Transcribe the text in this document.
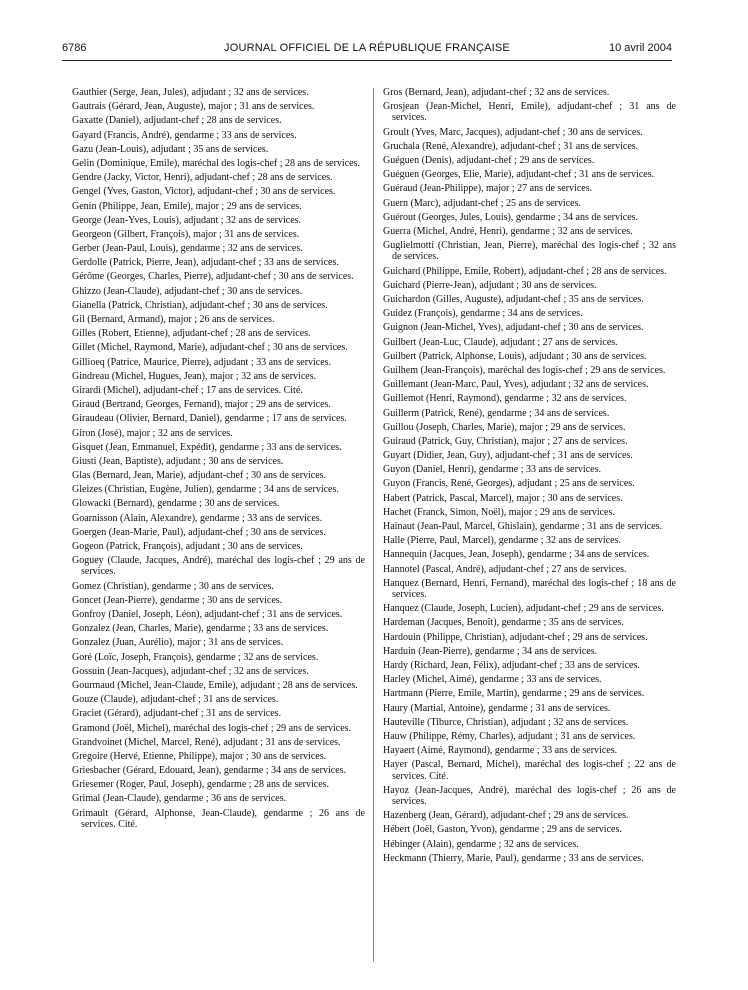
6786	JOURNAL OFFICIEL DE LA RÉPUBLIQUE FRANÇAISE	10 avril 2004

Gauthier (Serge, Jean, Jules), adjudant ; 32 ans de services.

Gautrais (Gérard, Jean, Auguste), major ; 31 ans de services.

Gaxatte (Daniel), adjudant-chef ; 28 ans de services.

Gayard (Francis, André), gendarme ; 33 ans de services.

Gazu (Jean-Louis), adjudant ; 35 ans de services.

Gelin (Dominique, Emile), maréchal des logis-chef ; 28 ans de services.

Gendre (Jacky, Victor, Henri), adjudant-chef ; 28 ans de services.

Gengel (Yves, Gaston, Victor), adjudant-chef ; 30 ans de services.

Genin (Philippe, Jean, Emile), major ; 29 ans de services.

George (Jean-Yves, Louis), adjudant ; 32 ans de services.

Georgeon (Gilbert, François), major ; 31 ans de services.

Gerber (Jean-Paul, Louis), gendarme ; 32 ans de services.

Gerdolle (Patrick, Pierre, Jean), adjudant-chef ; 33 ans de services.

Gérôme (Georges, Charles, Pierre), adjudant-chef ; 30 ans de services.

Ghizzo (Jean-Claude), adjudant-chef ; 30 ans de services.

Gianella (Patrick, Christian), adjudant-chef ; 30 ans de services.

Gil (Bernard, Armand), major ; 26 ans de services.

Gilles (Robert, Etienne), adjudant-chef ; 28 ans de services.

Gillet (Michel, Raymond, Marie), adjudant-chef ; 30 ans de services.

Gillioeq (Patrice, Maurice, Pierre), adjudant ; 33 ans de services.

Gindreau (Michel, Hugues, Jean), major ; 32 ans de services.

Girardi (Michel), adjudant-chef ; 17 ans de services. Cité.

Giraud (Bertrand, Georges, Fernand), major ; 29 ans de services.

Giraudeau (Olivier, Bernard, Daniel), gendarme ; 17 ans de services.

Giron (José), major ; 32 ans de services.

Gisquet (Jean, Emmanuel, Expédit), gendarme ; 33 ans de services.

Giusti (Jean, Baptiste), adjudant ; 30 ans de services.

Glas (Bernard, Jean, Marie), adjudant-chef ; 30 ans de services.

Gleizes (Christian, Eugène, Julien), gendarme ; 34 ans de services.

Glowacki (Bernard), gendarme ; 30 ans de services.

Goarnisson (Alain, Alexandre), gendarme ; 33 ans de services.

Goergen (Jean-Marie, Paul), adjudant-chef ; 30 ans de services.

Gogeon (Patrick, François), adjudant ; 30 ans de services.

Goguey (Claude, Jacques, André), maréchal des logis-chef ; 29 ans de services.

Gomez (Christian), gendarme ; 30 ans de services.

Goncet (Jean-Pierre), gendarme ; 30 ans de services.

Gonfroy (Daniel, Joseph, Léon), adjudant-chef ; 31 ans de services.

Gonzalez (Jean, Charles, Marie), gendarme ; 33 ans de services.

Gonzalez (Juan, Aurélio), major ; 31 ans de services.

Goré (Loïc, Joseph, François), gendarme ; 32 ans de services.

Gossuin (Jean-Jacques), adjudant-chef ; 32 ans de services.

Gourmaud (Michel, Jean-Claude, Emile), adjudant ; 28 ans de services.

Gouze (Claude), adjudant-chef ; 31 ans de services.

Graciet (Gérard), adjudant-chef ; 31 ans de services.

Gramond (Joël, Michel), maréchal des logis-chef ; 29 ans de services.

Grandvoinet (Michel, Marcel, René), adjudant ; 31 ans de services.

Gregoire (Hervé, Etienne, Philippe), major ; 30 ans de services.

Griesbacher (Gérard, Edouard, Jean), gendarme ; 34 ans de services.

Griesemer (Roger, Paul, Joseph), gendarme ; 28 ans de services.

Grimal (Jean-Claude), gendarme ; 36 ans de services.

Grimault (Gérard, Alphonse, Jean-Claude), gendarme ; 26 ans de services. Cité.

Gros (Bernard, Jean), adjudant-chef ; 32 ans de services.

Grosjean (Jean-Michel, Henri, Emile), adjudant-chef ; 31 ans de services.

Groult (Yves, Marc, Jacques), adjudant-chef ; 30 ans de services.

Gruchala (René, Alexandre), adjudant-chef ; 31 ans de services.

Guéguen (Denis), adjudant-chef ; 29 ans de services.

Guéguen (Georges, Elie, Marie), adjudant-chef ; 31 ans de services.

Guéraud (Jean-Philippe), major ; 27 ans de services.

Guern (Marc), adjudant-chef ; 25 ans de services.

Guérout (Georges, Jules, Louis), gendarme ; 34 ans de services.

Guerra (Michel, André, Henri), gendarme ; 32 ans de services.

Guglielmotti (Christian, Jean, Pierre), maréchal des logis-chef ; 32 ans de services.

Guichard (Philippe, Emile, Robert), adjudant-chef ; 28 ans de services.

Guichard (Pierre-Jean), adjudant ; 30 ans de services.

Guichardon (Gilles, Auguste), adjudant-chef ; 35 ans de services.

Guidez (François), gendarme ; 34 ans de services.

Guignon (Jean-Michel, Yves), adjudant-chef ; 30 ans de services.

Guilbert (Jean-Luc, Claude), adjudant ; 27 ans de services.

Guilbert (Patrick, Alphonse, Louis), adjudant ; 30 ans de services.

Guilhem (Jean-François), maréchal des logis-chef ; 29 ans de services.

Guillemant (Jean-Marc, Paul, Yves), adjudant ; 32 ans de services.

Guillemot (Henri, Raymond), gendarme ; 32 ans de services.

Guillerm (Patrick, René), gendarme ; 34 ans de services.

Guillou (Joseph, Charles, Marie), major ; 29 ans de services.

Guiraud (Patrick, Guy, Christian), major ; 27 ans de services.

Guyart (Didier, Jean, Guy), adjudant-chef ; 31 ans de services.

Guyon (Daniel, Henri), gendarme ; 33 ans de services.

Guyon (Francis, René, Georges), adjudant ; 25 ans de services.

Habert (Patrick, Pascal, Marcel), major ; 30 ans de services.

Hachet (Franck, Simon, Noël), major ; 29 ans de services.

Hainaut (Jean-Paul, Marcel, Ghislain), gendarme ; 31 ans de services.

Halle (Pierre, Paul, Marcel), gendarme ; 32 ans de services.

Hannequin (Jacques, Jean, Joseph), gendarme ; 34 ans de services.

Hannotel (Pascal, André), adjudant-chef ; 27 ans de services.

Hanquez (Bernard, Henri, Fernand), maréchal des logis-chef ; 18 ans de services.

Hanquez (Claude, Joseph, Lucien), adjudant-chef ; 29 ans de services.

Hardeman (Jacques, Benoît), gendarme ; 35 ans de services.

Hardouin (Philippe, Christian), adjudant-chef ; 29 ans de services.

Harduin (Jean-Pierre), gendarme ; 34 ans de services.

Hardy (Richard, Jean, Félix), adjudant-chef ; 33 ans de services.

Harley (Michel, Aimé), gendarme ; 33 ans de services.

Hartmann (Pierre, Emile, Martin), gendarme ; 29 ans de services.

Haury (Martial, Antoine), gendarme ; 31 ans de services.

Hauteville (Tiburce, Christian), adjudant ; 32 ans de services.

Hauw (Philippe, Rémy, Charles), adjudant ; 31 ans de services.

Hayaert (Aimé, Raymond), gendarme ; 33 ans de services.

Hayer (Pascal, Bernard, Michel), maréchal des logis-chef ; 22 ans de services. Cité.

Hayoz (Jean-Jacques, André), maréchal des logis-chef ; 26 ans de services.

Hazenberg (Jean, Gérard), adjudant-chef ; 29 ans de services.

Hébert (Joël, Gaston, Yvon), gendarme ; 29 ans de services.

Hébinger (Alain), gendarme ; 32 ans de services.

Heckmann (Thierry, Marie, Paul), gendarme ; 33 ans de services.
